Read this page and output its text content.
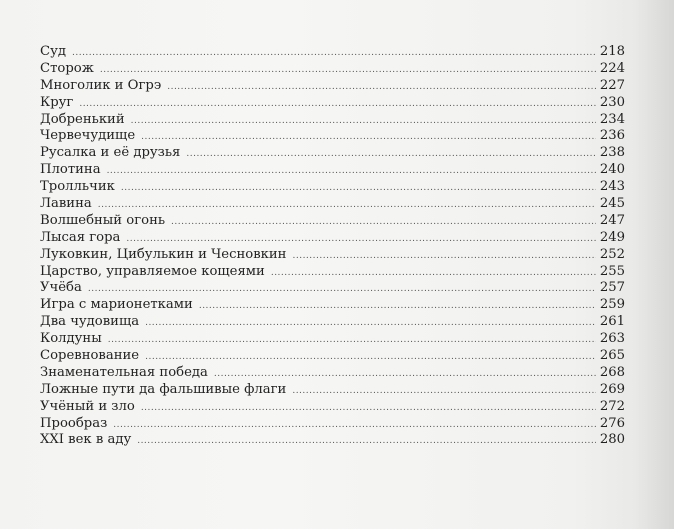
Суд .....	218
Сторож .....	224
Многолик и Огрэ .....	227
Круг .....	230
Добренький .....	234
Червечудище .....	236
Русалка и её друзья .....	238
Плотина .....	240
Тролльчик .....	243
Лавина .....	245
Волшебный огонь .....	247
Лысая гора .....	249
Луковкин, Цибулькин и Чесновкин .....	252
Царство, управляемое кощеями .....	255
Учёба .....	257
Игра с марионетками .....	259
Два чудовища .....	261
Колдуны .....	263
Соревнование .....	265
Знаменательная победа .....	268
Ложные пути да фальшивые флаги .....	269
Учёный и зло .....	272
Прообраз .....	276
XXI век в аду .....	280
